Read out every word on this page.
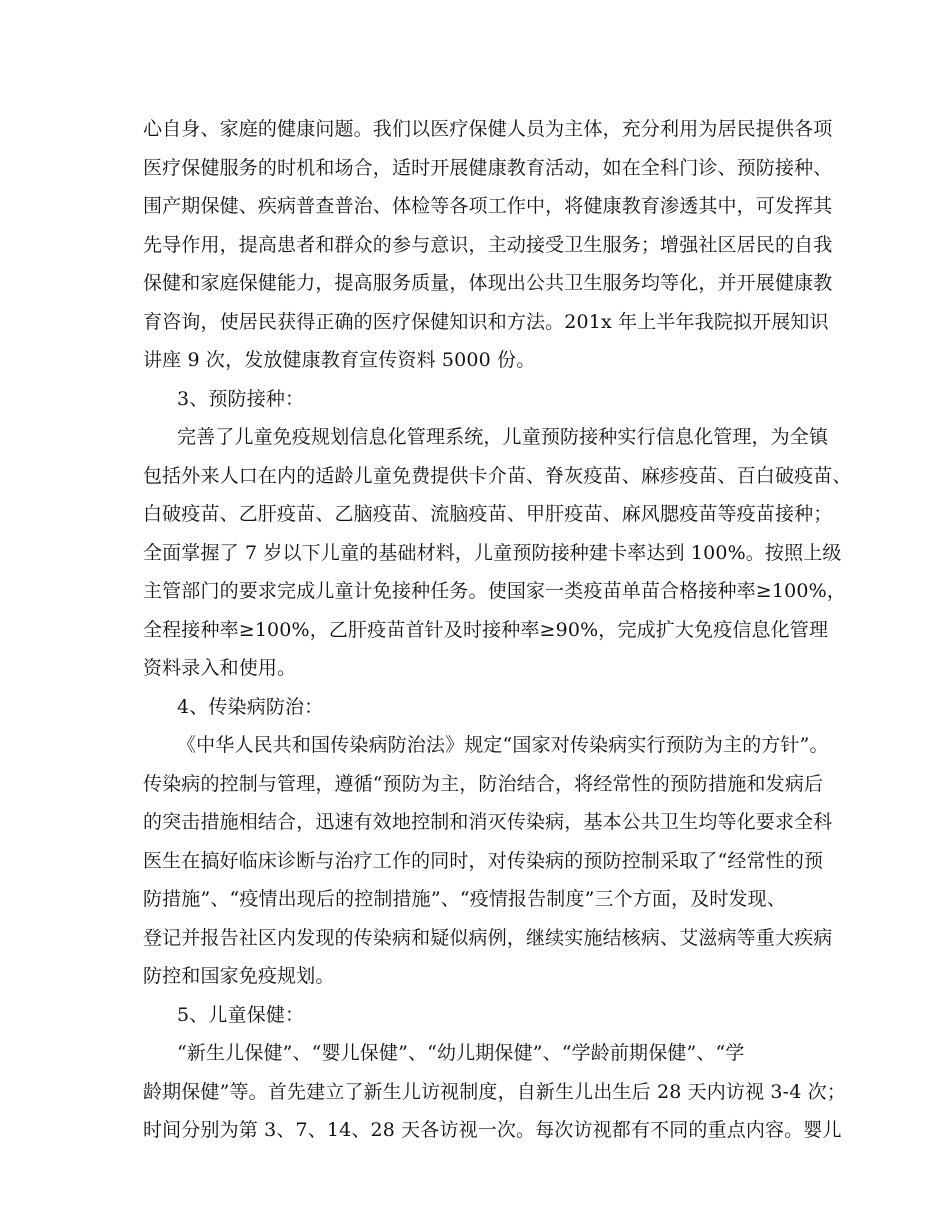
心自身、家庭的健康问题。我们以医疗保健人员为主体，充分利用为居民提供各项
医疗保健服务的时机和场合，适时开展健康教育活动，如在全科门诊、预防接种、
围产期保健、疾病普查普治、体检等各项工作中，将健康教育渗透其中，可发挥其
先导作用，提高患者和群众的参与意识，主动接受卫生服务；增强社区居民的自我
保健和家庭保健能力，提高服务质量，体现出公共卫生服务均等化，并开展健康教
育咨询，使居民获得正确的医疗保健知识和方法。201x 年上半年我院拟开展知识
讲座 9 次，发放健康教育宣传资料 5000 份。
3、预防接种：
完善了儿童免疫规划信息化管理系统，儿童预防接种实行信息化管理，为全镇
包括外来人口在内的适龄儿童免费提供卡介苗、脊灰疫苗、麻疹疫苗、百白破疫苗、
白破疫苗、乙肝疫苗、乙脑疫苗、流脑疫苗、甲肝疫苗、麻风腮疫苗等疫苗接种；
全面掌握了 7 岁以下儿童的基础材料，儿童预防接种建卡率达到 100%。按照上级
主管部门的要求完成儿童计免接种任务。使国家一类疫苗单苗合格接种率≥100%，
全程接种率≥100%，乙肝疫苗首针及时接种率≥90%，完成扩大免疫信息化管理
资料录入和使用。
4、传染病防治：
《中华人民共和国传染病防治法》规定“国家对传染病实行预防为主的方针”。
传染病的控制与管理，遵循“预防为主，防治结合，将经常性的预防措施和发病后
的突击措施相结合，迅速有效地控制和消灭传染病，基本公共卫生均等化要求全科
医生在搞好临床诊断与治疗工作的同时，对传染病的预防控制采取了“经常性的预
防措施”、“疫情出现后的控制措施”、“疫情报告制度”三个方面，及时发现、
登记并报告社区内发现的传染病和疑似病例，继续实施结核病、艾滋病等重大疾病
防控和国家免疫规划。
5、儿童保健：
“新生儿保健”、“婴儿保健”、“幼儿期保健”、“学龄前期保健”、“学
龄期保健”等。首先建立了新生儿访视制度，自新生儿出生后 28 天内访视 3-4 次；
时间分别为第 3、7、14、28 天各访视一次。每次访视都有不同的重点内容。婴儿
